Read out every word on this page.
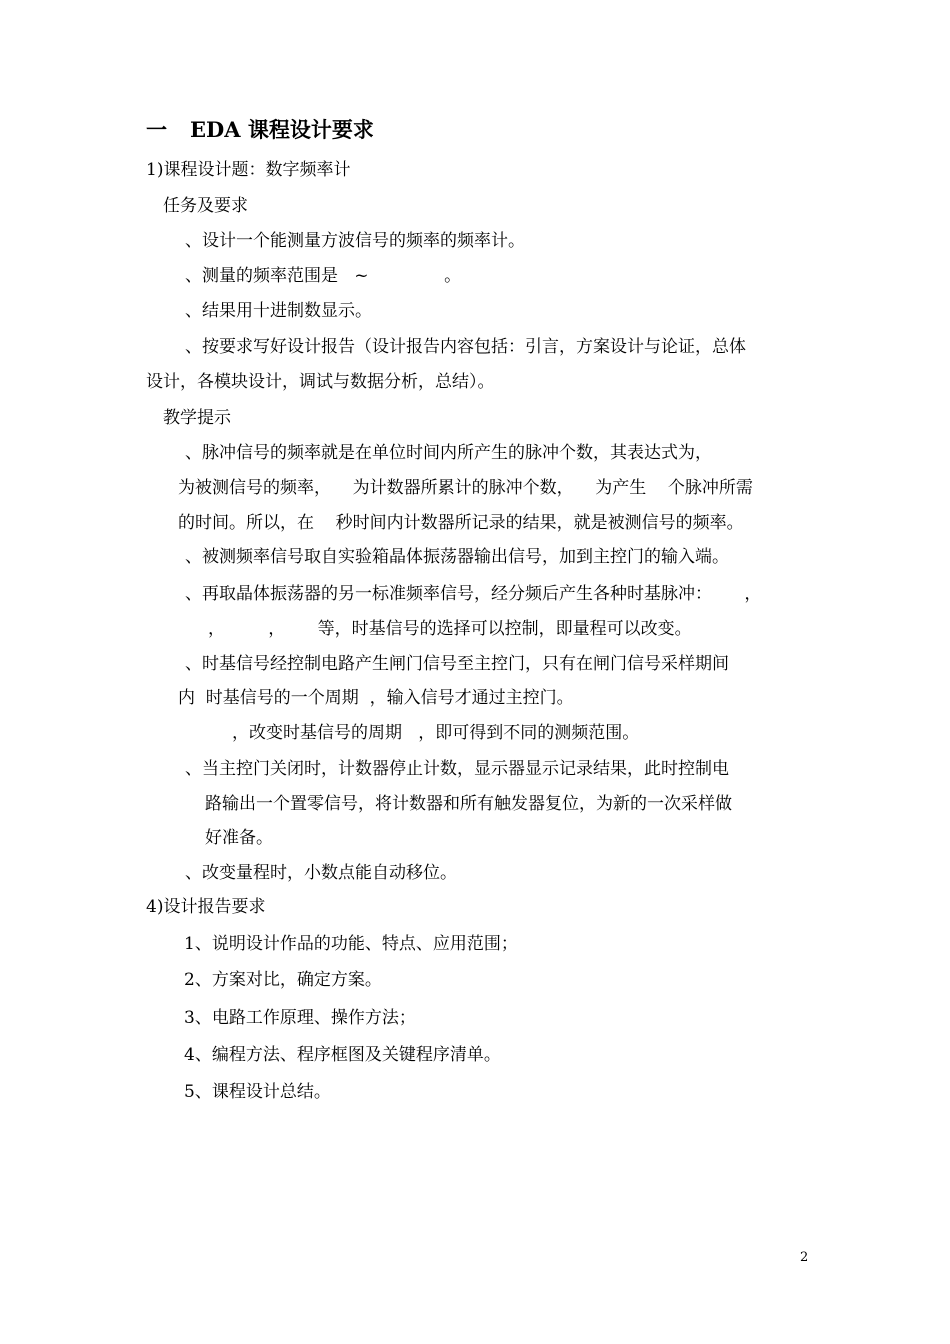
一 EDA 课程设计要求
1)课程设计题：数字频率计
任务及要求
、设计一个能测量方波信号的频率的频率计。
、测量的频率范围是   ~              。
、结果用十进制数显示。
、按要求写好设计报告（设计报告内容包括：引言，方案设计与论证，总体
设计，各模块设计，调试与数据分析，总结）。
教学提示
、脉冲信号的频率就是在单位时间内所产生的脉冲个数，其表达式为，
为被测信号的频率，    为计数器所累计的脉冲个数，    为产生    个脉冲所需
的时间。所以，在    秒时间内计数器所记录的结果，就是被测信号的频率。
、被测频率信号取自实验箱晶体振荡器输出信号，加到主控门的输入端。
、再取晶体振荡器的另一标准频率信号，经分频后产生各种时基脉冲：      ，
，        ，      等，时基信号的选择可以控制，即量程可以改变。
、时基信号经控制电路产生闸门信号至主控门，只有在闸门信号采样期间
内  时基信号的一个周期  ，输入信号才通过主控门。
，改变时基信号的周期   ，即可得到不同的测频范围。
、当主控门关闭时，计数器停止计数，显示器显示记录结果，此时控制电
路输出一个置零信号，将计数器和所有触发器复位，为新的一次采样做
好准备。
、改变量程时，小数点能自动移位。
4)设计报告要求
1、说明设计作品的功能、特点、应用范围；
2、方案对比，确定方案。
3、电路工作原理、操作方法；
4、编程方法、程序框图及关键程序清单。
5、课程设计总结。
2
